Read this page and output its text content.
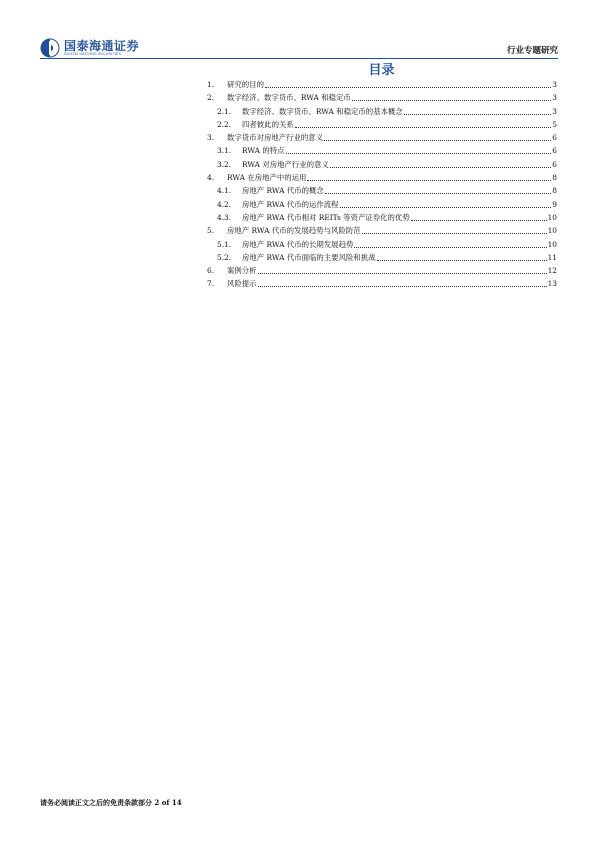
国泰海通证券
GUOTAI HAITONG SECURITIES	行业专题研究
目录
1. 研究的目的	3
2. 数字经济、数字货币、RWA 和稳定币	3
2.1. 数字经济、数字货币、RWA 和稳定币的基本概念	3
2.2. 四者彼此的关系	5
3. 数字货币对房地产行业的意义	6
3.1. RWA 的特点	6
3.2. RWA 对房地产行业的意义	6
4. RWA 在房地产中的运用	8
4.1. 房地产 RWA 代币的概念	8
4.2. 房地产 RWA 代币的运作流程	9
4.3. 房地产 RWA 代币相对 REITs 等资产证券化的优势	10
5. 房地产 RWA 代币的发展趋势与风险防范	10
5.1. 房地产 RWA 代币的长期发展趋势	10
5.2. 房地产 RWA 代币面临的主要风险和挑战	11
6. 案例分析	12
7. 风险提示	13
请务必阅读正文之后的免责条款部分 2 of 14
